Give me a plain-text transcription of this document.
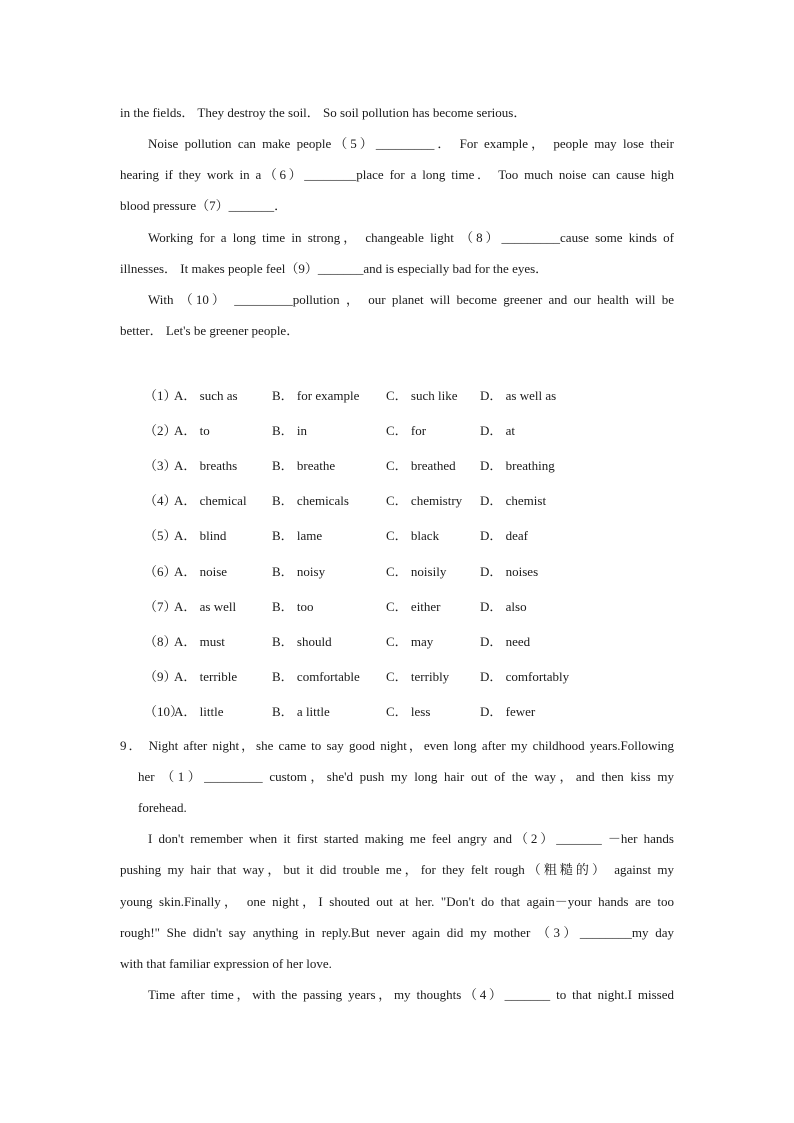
in the fields． They destroy the soil． So soil pollution has become serious．
Noise pollution can make people（5）_________． For example， people may lose their
hearing if they work in a（6）________place for a long time． Too much noise can cause high
blood pressure（7）_______．
Working for a long time in strong， changeable light （8）_________cause some kinds of
illnesses． It makes people feel（9）_______and is especially bad for the eyes．
With （10） _________pollution ， our planet will become greener and our health will be
better． Let's be greener people．
（1）
A． such as	B． for example C． such like D． as well as
（2）
A． to	B． in	C． for	D． at
（3）
A． breaths	B． breathe	C． breathed D． breathing
（4）
A． chemical B． chemicals	C． chemistry D． chemist
（5）
A． blind	B． lame	C． black	D． deaf
（6）
A． noise	B． noisy	C． noisily	D． noises
（7）
A． as well	B． too	C． either	D． also
（8）
A． must	B． should	C． may	D． need
（9）
A． terrible	B． comfortable C． terribly D． comfortably
（10）
A． little	B． a little	C． less	D． fewer
9． Night after night，she came to say good night，even long after my childhood years.Following
her （1）_________ custom，she'd push my long hair out of the way，and then kiss my
forehead.
I don't remember when it first started making me feel angry and（2）_______ －her hands
pushing my hair that way，but it did trouble me，for they felt rough（粗糙的） against my
young skin.Finally， one night，I shouted out at her. "Don't do that again－your hands are too
rough!" She didn't say anything in reply.But never again did my mother （3）________my day
with that familiar expression of her love.
Time after time，with the passing years，my thoughts（4）_______ to that night.I missed
